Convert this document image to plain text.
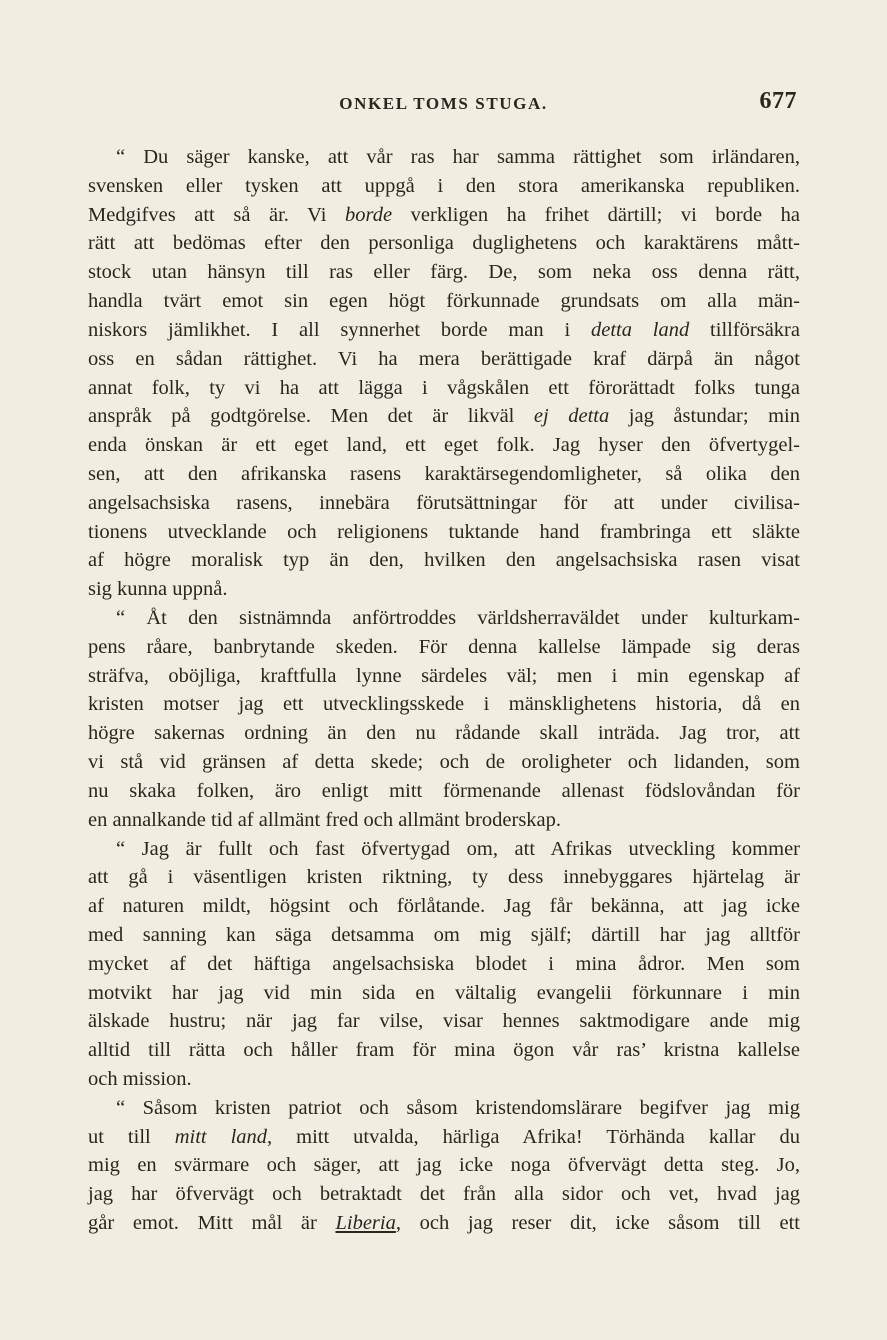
ONKEL TOMS STUGA.	677
“ Du säger kanske, att vår ras har samma rättighet som irländaren,
svensken eller tysken att uppgå i den stora amerikanska republiken.
Medgifves att så är. Vi borde verkligen ha frihet därtill; vi borde ha
rätt att bedömas efter den personliga duglighetens och karaktärens mått-
stock utan hänsyn till ras eller färg. De, som neka oss denna rätt,
handla tvärt emot sin egen högt förkunnade grundsats om alla män-
niskors jämlikhet. I all synnerhet borde man i detta land tillförsäkra
oss en sådan rättighet. Vi ha mera berättigade kraf därpå än något
annat folk, ty vi ha att lägga i vågskålen ett förorättadt folks tunga
anspråk på godtgörelse. Men det är likväl ej detta jag åstundar; min
enda önskan är ett eget land, ett eget folk. Jag hyser den öfvertygel-
sen, att den afrikanska rasens karaktärsegendomligheter, så olika den
angelsachsiska rasens, innebära förutsättningar för att under civilisa-
tionens utvecklande och religionens tuktande hand frambringa ett släkte
af högre moralisk typ än den, hvilken den angelsachsiska rasen visat
sig kunna uppnå.
“ Åt den sistnämnda anförtroddes världsherraväldet under kulturkam-
pens råare, banbrytande skeden. För denna kallelse lämpade sig deras
sträfva, oböjliga, kraftfulla lynne särdeles väl; men i min egenskap af
kristen motser jag ett utvecklingsskede i mänsklighetens historia, då en
högre sakernas ordning än den nu rådande skall inträda. Jag tror, att
vi stå vid gränsen af detta skede; och de oroligheter och lidanden, som
nu skaka folken, äro enligt mitt förmenande allenast födslovåndan för
en annalkande tid af allmänt fred och allmänt broderskap.
“ Jag är fullt och fast öfvertygad om, att Afrikas utveckling kommer
att gå i väsentligen kristen riktning, ty dess innebyggares hjärtelag är
af naturen mildt, högsint och förlåtande. Jag får bekänna, att jag icke
med sanning kan säga detsamma om mig själf; därtill har jag alltför
mycket af det häftiga angelsachsiska blodet i mina ådror. Men som
motvikt har jag vid min sida en vältalig evangelii förkunnare i min
älskade hustru; när jag far vilse, visar hennes saktmodigare ande mig
alltid till rätta och håller fram för mina ögon vår ras’ kristna kallelse
och mission.
“ Såsom kristen patriot och såsom kristendomslärare begifver jag mig
ut till mitt land, mitt utvalda, härliga Afrika! Törhända kallar du
mig en svärmare och säger, att jag icke noga öfvervägt detta steg. Jo,
jag har öfvervägt och betraktadt det från alla sidor och vet, hvad jag
går emot. Mitt mål är Liberia, och jag reser dit, icke såsom till ett
